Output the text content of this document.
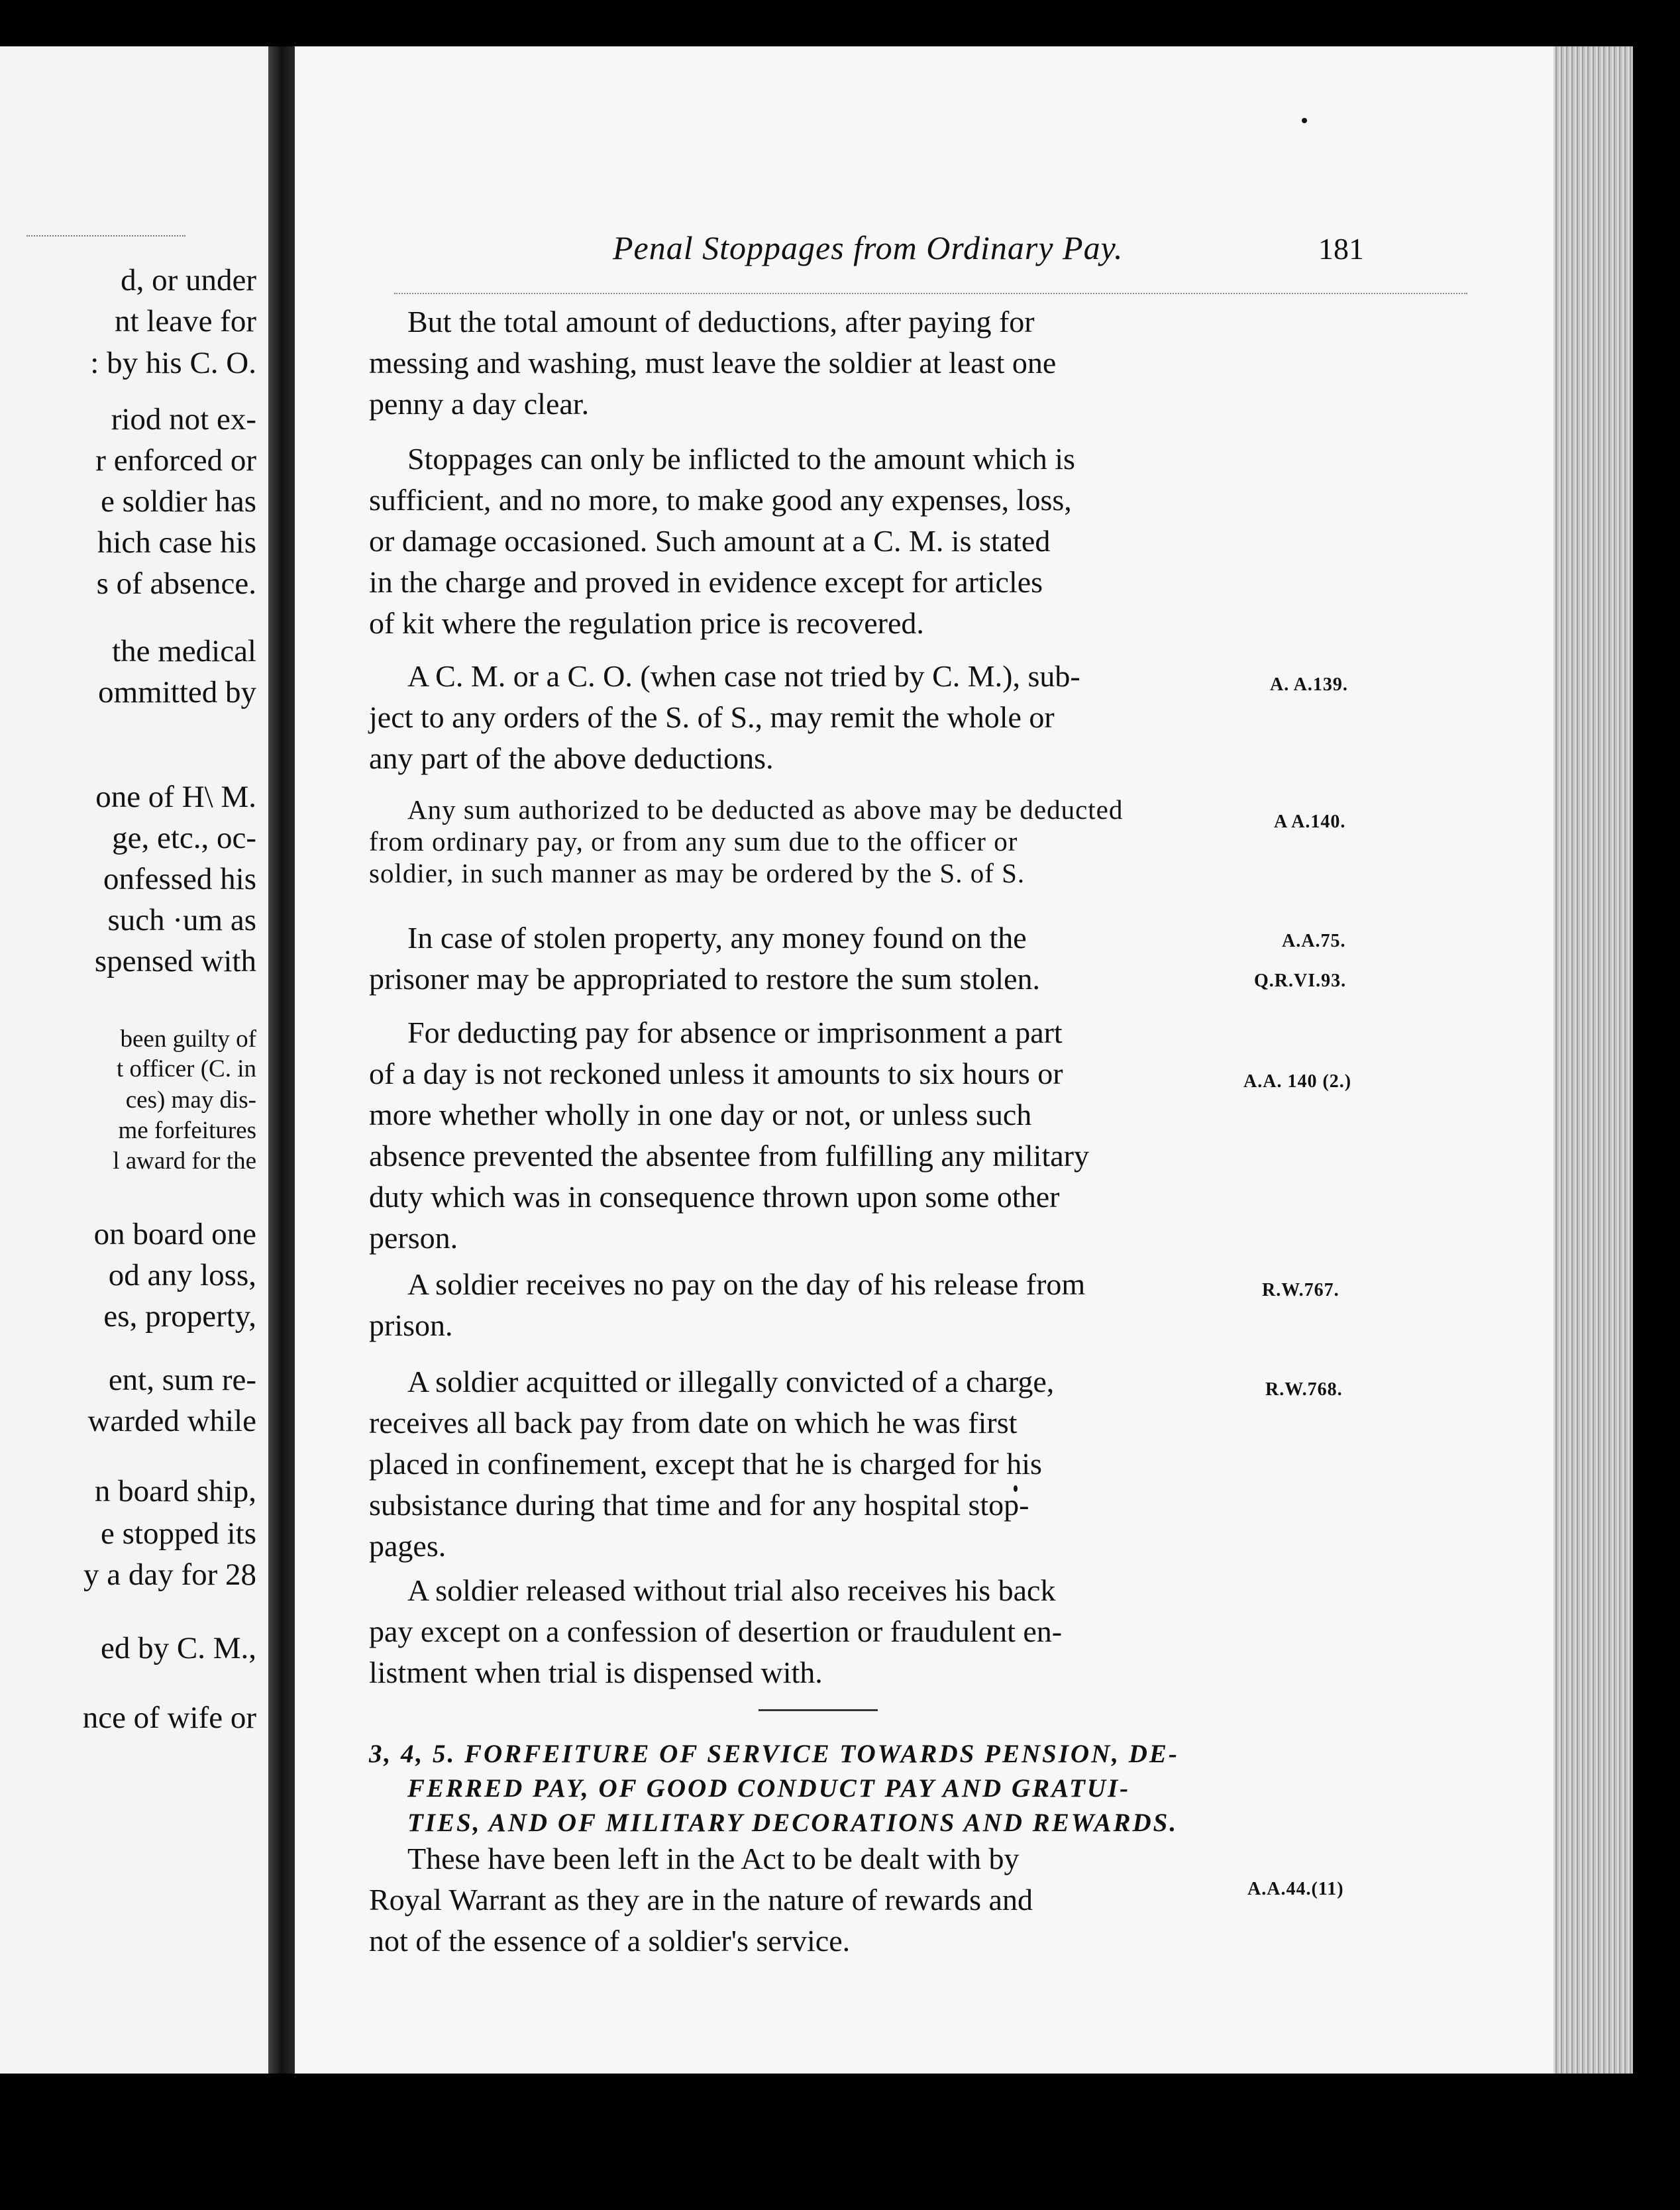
d, or under
nt leave for
: by his C. O.
riod not ex-
r enforced or
e soldier has
hich case his
s of absence.
the medical
ommitted by
one of H\ M.
ge, etc., oc-
onfessed his
such ·um as
spensed with
been guilty of
t officer (C. in
ces) may dis-
me forfeitures
l award for the
on board one
od any loss,
es, property,
ent, sum re-
warded while
n board ship,
e stopped its
y a day for 28
ed by C. M.,
nce of wife or
Penal Stoppages from Ordinary Pay.	181
But the total amount of deductions, after paying for
messing and washing, must leave the soldier at least one
penny a day clear.
Stoppages can only be inflicted to the amount which is
sufficient, and no more, to make good any expenses, loss,
or damage occasioned. Such amount at a C. M. is stated
in the charge and proved in evidence except for articles
of kit where the regulation price is recovered.
A C. M. or a C. O. (when case not tried by C. M.), sub-
ject to any orders of the S. of S., may remit the whole or
any part of the above deductions.
Any sum authorized to be deducted as above may be deducted
from ordinary pay, or from any sum due to the officer or
soldier, in such manner as may be ordered by the S. of S.
In case of stolen property, any money found on the
prisoner may be appropriated to restore the sum stolen.
For deducting pay for absence or imprisonment a part
of a day is not reckoned unless it amounts to six hours or
more whether wholly in one day or not, or unless such
absence prevented the absentee from fulfilling any military
duty which was in consequence thrown upon some other
person.
A soldier receives no pay on the day of his release from
prison.
A soldier acquitted or illegally convicted of a charge,
receives all back pay from date on which he was first
placed in confinement, except that he is charged for his
subsistance during that time and for any hospital stop-
pages.
A soldier released without trial also receives his back
pay except on a confession of desertion or fraudulent en-
listment when trial is dispensed with.
3, 4, 5. FORFEITURE OF SERVICE TOWARDS PENSION, DE-
FERRED PAY, OF GOOD CONDUCT PAY AND GRATUI-
TIES, AND OF MILITARY DECORATIONS AND REWARDS.
These have been left in the Act to be dealt with by
Royal Warrant as they are in the nature of rewards and
not of the essence of a soldier's service.
A. A.139.
A A.140.
A.A.75.
Q.R.VI.93.
A.A. 140 (2.)
R.W.767.
R.W.768.
A.A.44.(11)
